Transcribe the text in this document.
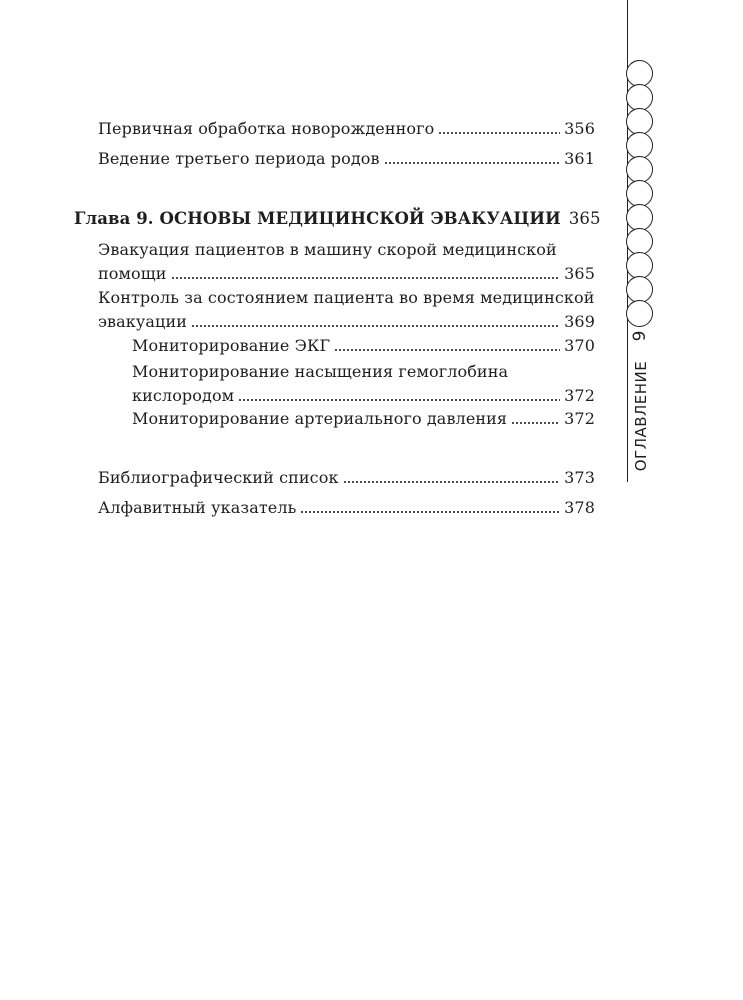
Первичная обработка новорожденного	356
Ведение третьего периода родов	361
Глава 9. ОСНОВЫ МЕДИЦИНСКОЙ ЭВАКУАЦИИ 365
Эвакуация пациентов в машину скорой медицинской
помощи	365
Контроль за состоянием пациента во время медицинской
эвакуации	369
Мониторирование ЭКГ	370
Мониторирование насыщения гемоглобина
кислородом	372
Мониторирование артериального давления	372
Библиографический список	373
Алфавитный указатель	378
9
ОГЛАВЛЕНИЕ
